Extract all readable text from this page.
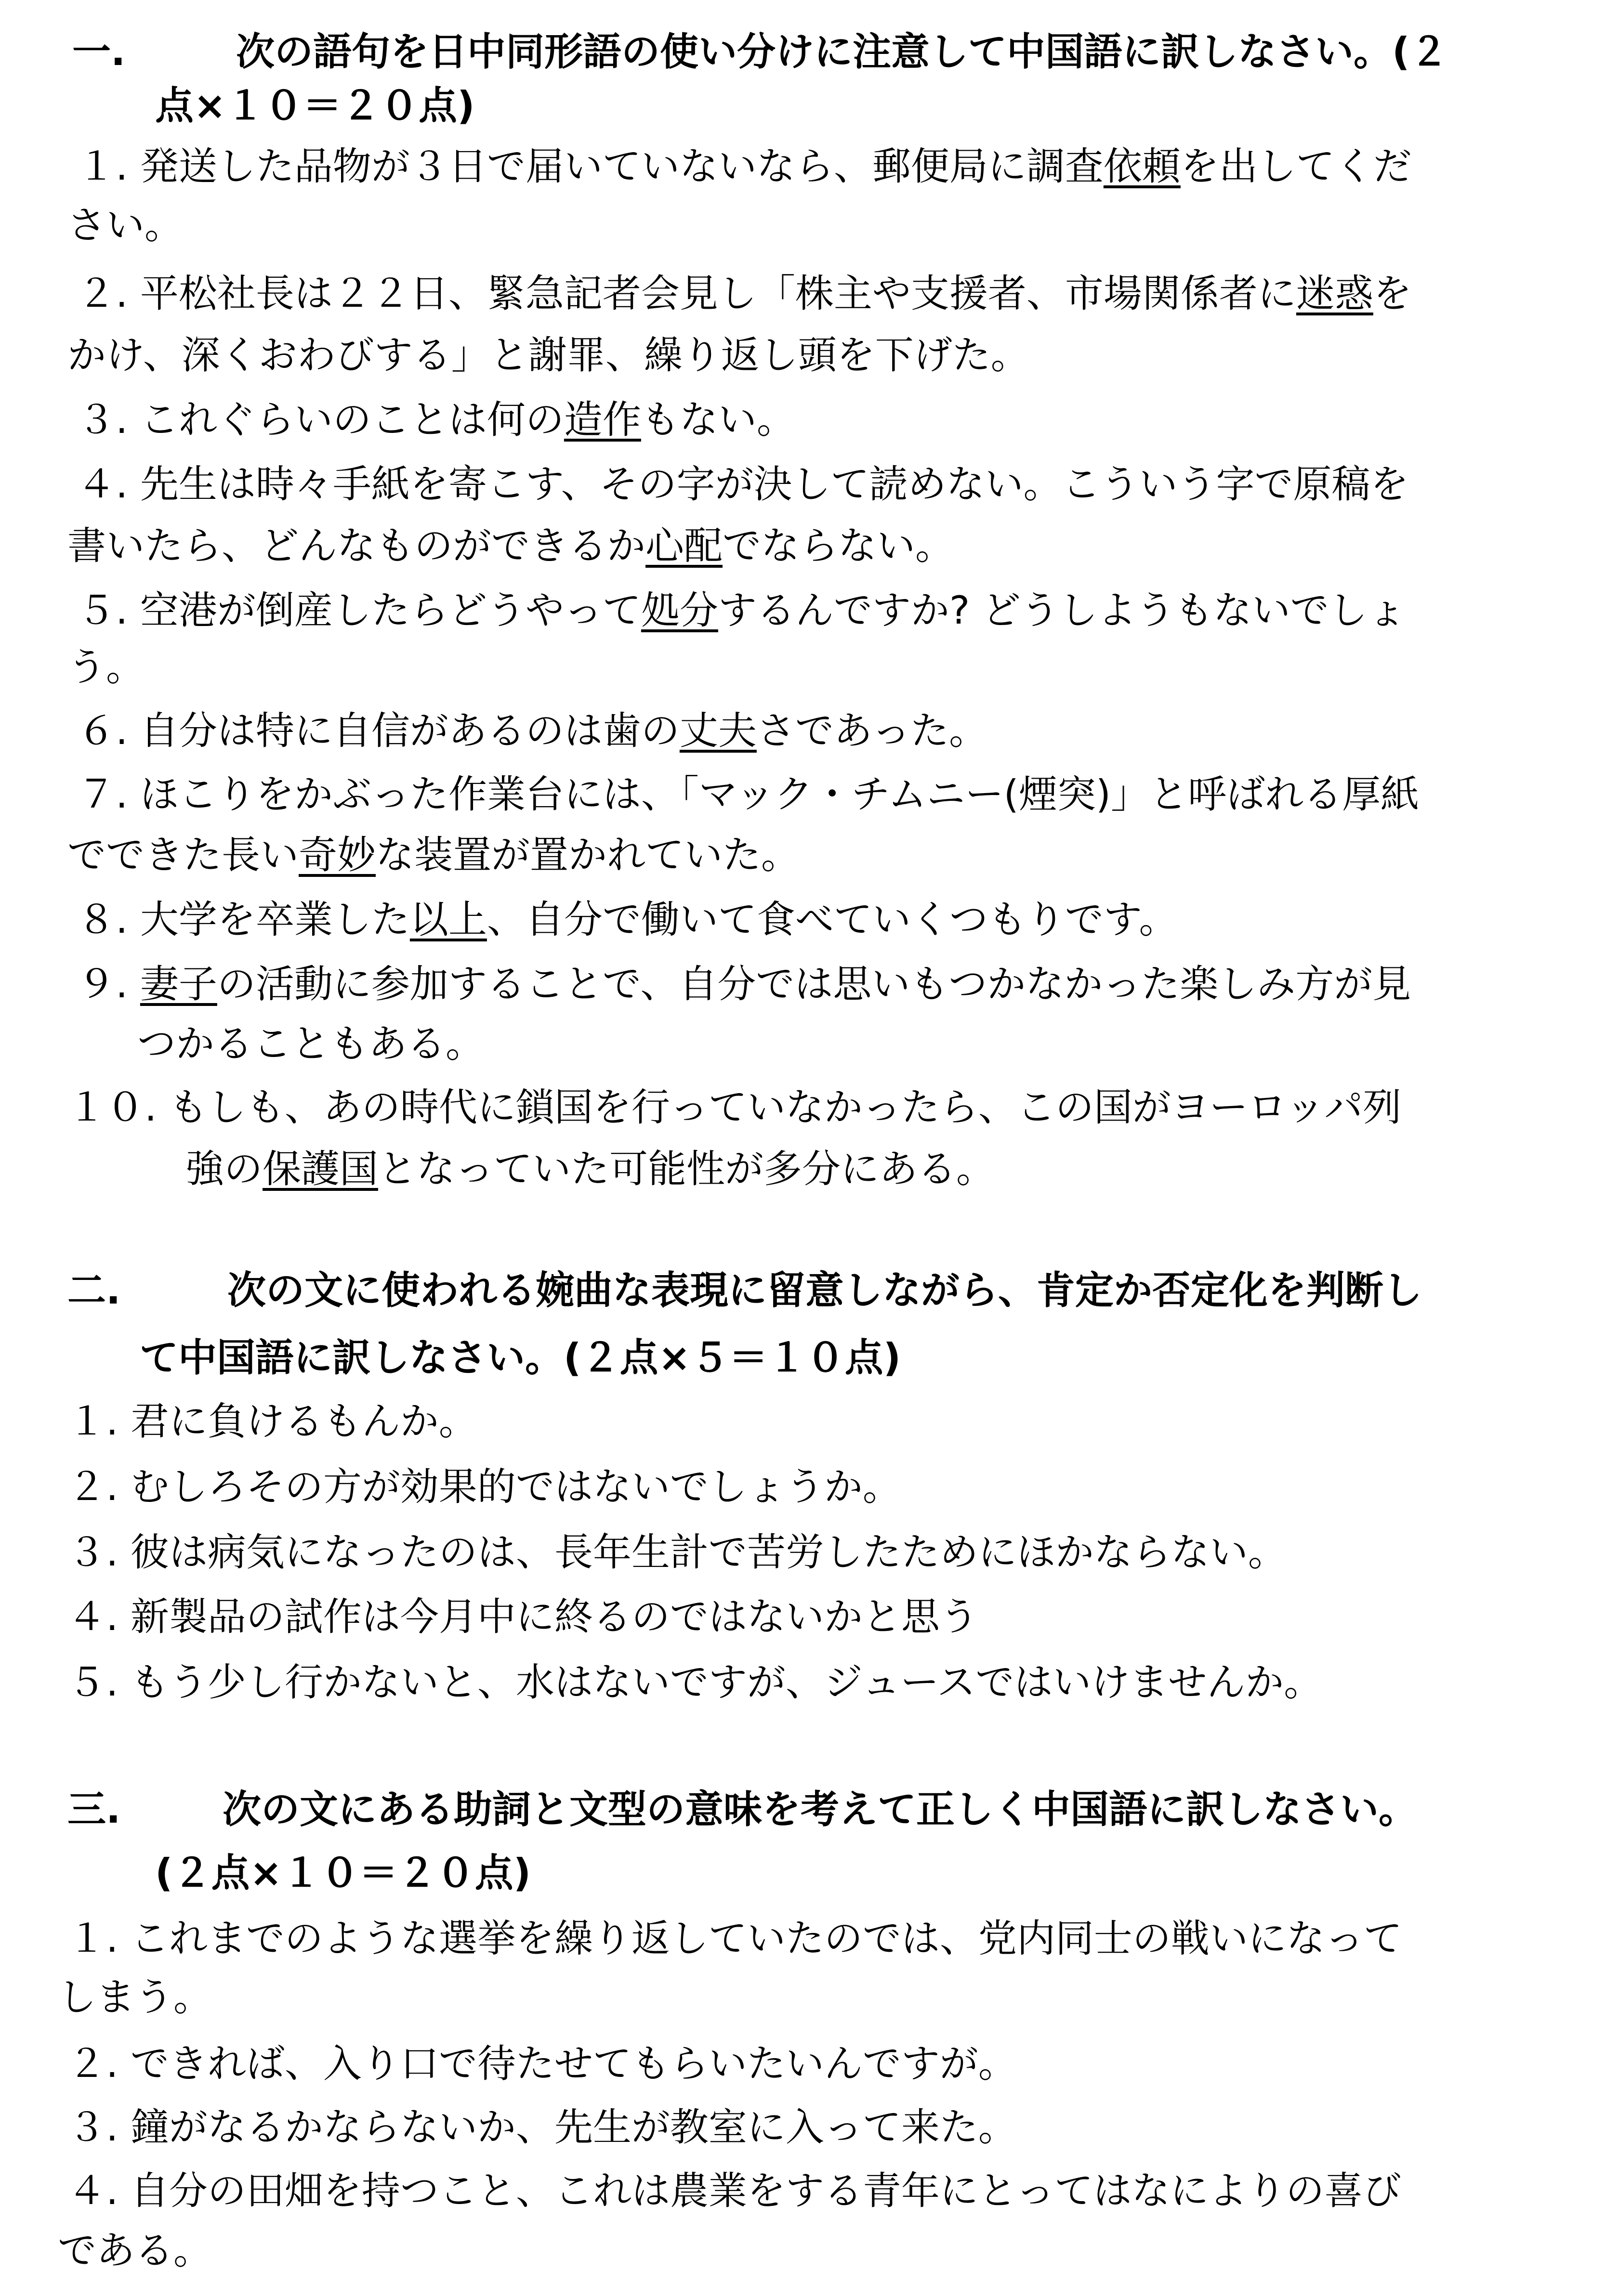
一.	次の語句を日中同形語の使い分けに注意して中国語に訳しなさい。(２
点×１０＝２０点)
１. 発送した品物が３日で届いていないなら、郵便局に調査依頼を出してくだ
さい。
２. 平松社長は２２日、緊急記者会見し「株主や支援者、市場関係者に迷惑を
かけ、深くおわびする」と謝罪、繰り返し頭を下げた。
３. これぐらいのことは何の造作もない。
４. 先生は時々手紙を寄こす、その字が決して読めない。こういう字で原稿を
書いたら、どんなものができるか心配でならない。
５. 空港が倒産したらどうやって処分するんですか? どうしようもないでしょ
う。
６. 自分は特に自信があるのは歯の丈夫さであった。
７. ほこりをかぶった作業台には、「マック・チムニー(煙突)」と呼ばれる厚紙
でできた長い奇妙な装置が置かれていた。
８. 大学を卒業した以上、自分で働いて食べていくつもりです。
９. 妻子の活動に参加することで、自分では思いもつかなかった楽しみ方が見
つかることもある。
１０. もしも、あの時代に鎖国を行っていなかったら、この国がヨーロッパ列
強の保護国となっていた可能性が多分にある。
二.	次の文に使われる婉曲な表現に留意しながら、肯定か否定化を判断し
て中国語に訳しなさい。(２点×５＝１０点)
１. 君に負けるもんか。
２. むしろその方が効果的ではないでしょうか。
３. 彼は病気になったのは、長年生計で苦労したためにほかならない。
４. 新製品の試作は今月中に終るのではないかと思う
５. もう少し行かないと、水はないですが、ジュースではいけませんか。
三.	次の文にある助詞と文型の意味を考えて正しく中国語に訳しなさい。
(２点×１０＝２０点)
１. これまでのような選挙を繰り返していたのでは、党内同士の戦いになって
しまう。
２. できれば、入り口で待たせてもらいたいんですが。
３. 鐘がなるかならないか、先生が教室に入って来た。
４. 自分の田畑を持つこと、これは農業をする青年にとってはなによりの喜び
である。
